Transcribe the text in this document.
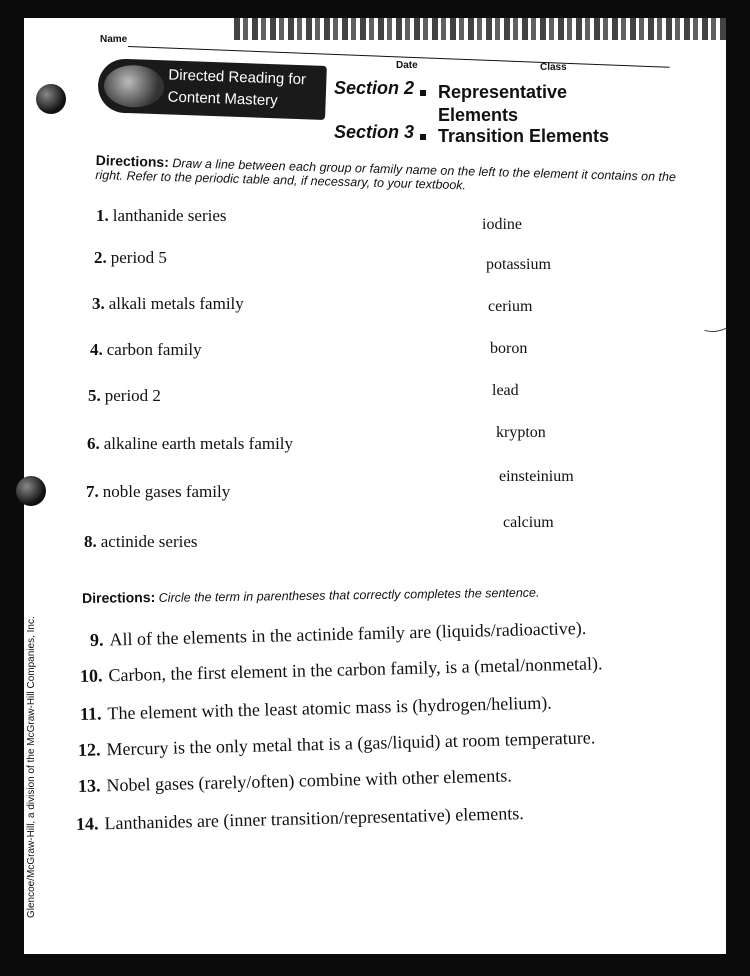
Name
Date	Class
Directed Reading for
Content Mastery
Section 2 Representative
Elements
Section 3 Transition Elements
Directions: Draw a line between each group or family name on the left to the element it contains on the right. Refer to the periodic table and, if necessary, to your textbook.
1. lanthanide series
2. period 5
3. alkali metals family
4. carbon family
5. period 2
6. alkaline earth metals family
7. noble gases family
8. actinide series
iodine
potassium
cerium
boron
lead
krypton
einsteinium
calcium
Directions: Circle the term in parentheses that correctly completes the sentence.
9. All of the elements in the actinide family are (liquids/radioactive).
10. Carbon, the first element in the carbon family, is a (metal/nonmetal).
11. The element with the least atomic mass is (hydrogen/helium).
12. Mercury is the only metal that is a (gas/liquid) at room temperature.
13. Nobel gases (rarely/often) combine with other elements.
14. Lanthanides are (inner transition/representative) elements.
Glencoe/McGraw-Hill, a division of the McGraw-Hill Companies, Inc.
